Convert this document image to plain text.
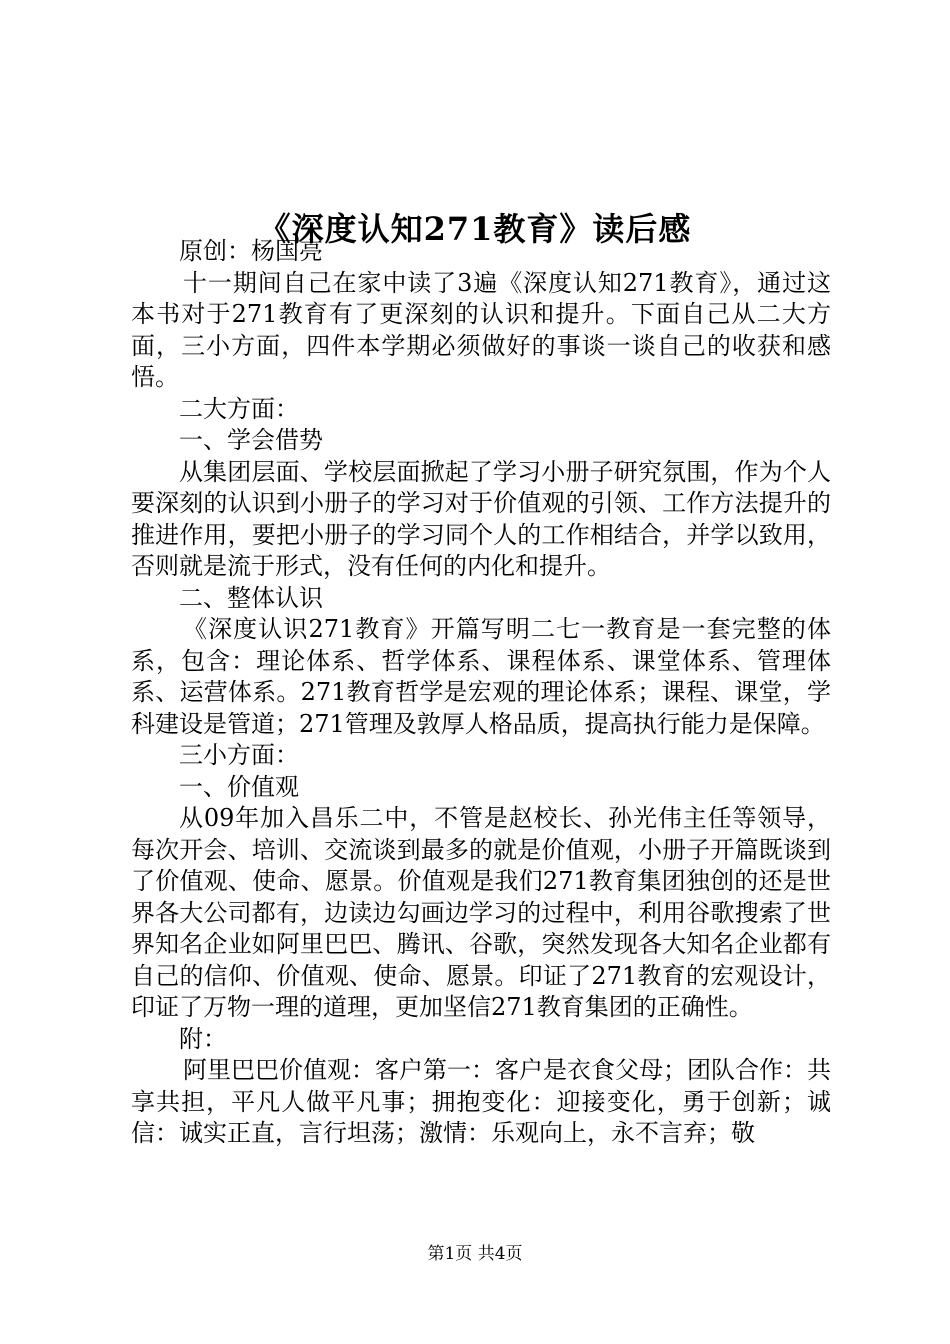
《深度认知271教育》读后感

原创：杨国亮

十一期间自己在家中读了3遍《深度认知271教育》，通过这本书对于271教育有了更深刻的认识和提升。下面自己从二大方面，三小方面，四件本学期必须做好的事谈一谈自己的收获和感悟。

二大方面：

一、学会借势

从集团层面、学校层面掀起了学习小册子研究氛围，作为个人要深刻的认识到小册子的学习对于价值观的引领、工作方法提升的推进作用，要把小册子的学习同个人的工作相结合，并学以致用，否则就是流于形式，没有任何的内化和提升。

二、整体认识

《深度认识271教育》开篇写明二七一教育是一套完整的体系，包含：理论体系、哲学体系、课程体系、课堂体系、管理体系、运营体系。271教育哲学是宏观的理论体系；课程、课堂，学科建设是管道；271管理及敦厚人格品质，提高执行能力是保障。

三小方面：

一、价值观

从09年加入昌乐二中，不管是赵校长、孙光伟主任等领导，每次开会、培训、交流谈到最多的就是价值观，小册子开篇既谈到了价值观、使命、愿景。价值观是我们271教育集团独创的还是世界各大公司都有，边读边勾画边学习的过程中，利用谷歌搜索了世界知名企业如阿里巴巴、腾讯、谷歌，突然发现各大知名企业都有自己的信仰、价值观、使命、愿景。印证了271教育的宏观设计，印证了万物一理的道理，更加坚信271教育集团的正确性。

附：

阿里巴巴价值观：客户第一：客户是衣食父母；团队合作：共享共担，平凡人做平凡事；拥抱变化：迎接变化，勇于创新；诚信：诚实正直，言行坦荡；激情：乐观向上，永不言弃；敬

第1页 共4页
